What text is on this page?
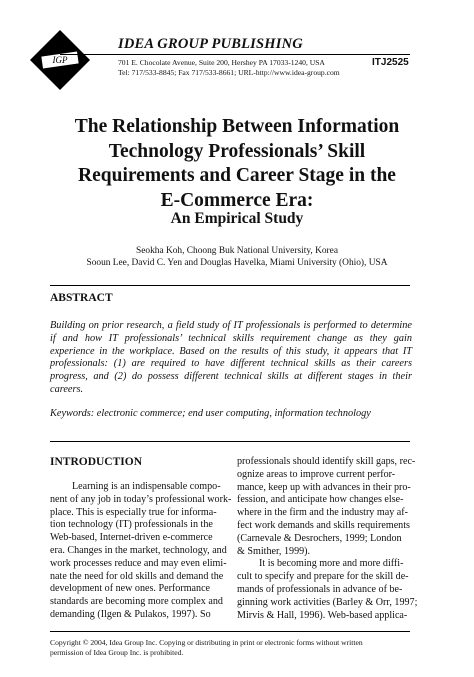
IGP
IDEA GROUP PUBLISHING
701 E. Chocolate Avenue, Suite 200, Hershey PA 17033-1240, USA
Tel: 717/533-8845; Fax 717/533-8661; URL-http://www.idea-group.com
ITJ2525
The Relationship Between Information
Technology Professionals’ Skill
Requirements and Career Stage in the
E-Commerce Era:
An Empirical Study
Seokha Koh, Choong Buk National University, Korea
Sooun Lee, David C. Yen and Douglas Havelka, Miami University (Ohio), USA
ABSTRACT
Building on prior research, a field study of IT professionals is performed to determine if and how IT professionals’ technical skills requirement change as they gain experience in the workplace. Based on the results of this study, it appears that IT professionals: (1) are required to have different technical skills as their careers progress, and (2) do possess different technical skills at different stages in their careers.
Keywords: electronic commerce; end user computing, information technology
INTRODUCTION
Learning is an indispensable compo-
nent of any job in today’s professional work-
place. This is especially true for informa-
tion technology (IT) professionals in the
Web-based, Internet-driven e-commerce
era. Changes in the market, technology, and
work processes reduce and may even elimi-
nate the need for old skills and demand the
development of new ones. Performance
standards are becoming more complex and
demanding (Ilgen & Pulakos, 1997). So
professionals should identify skill gaps, rec-
ognize areas to improve current perfor-
mance, keep up with advances in their pro-
fession, and anticipate how changes else-
where in the firm and the industry may af-
fect work demands and skills requirements
(Carnevale & Desrochers, 1999; London
& Smither, 1999).
It is becoming more and more diffi-
cult to specify and prepare for the skill de-
mands of professionals in advance of be-
ginning work activities (Barley & Orr, 1997;
Mirvis & Hall, 1996). Web-based applica-
Copyright © 2004, Idea Group Inc. Copying or distributing in print or electronic forms without written
permission of Idea Group Inc. is prohibited.
